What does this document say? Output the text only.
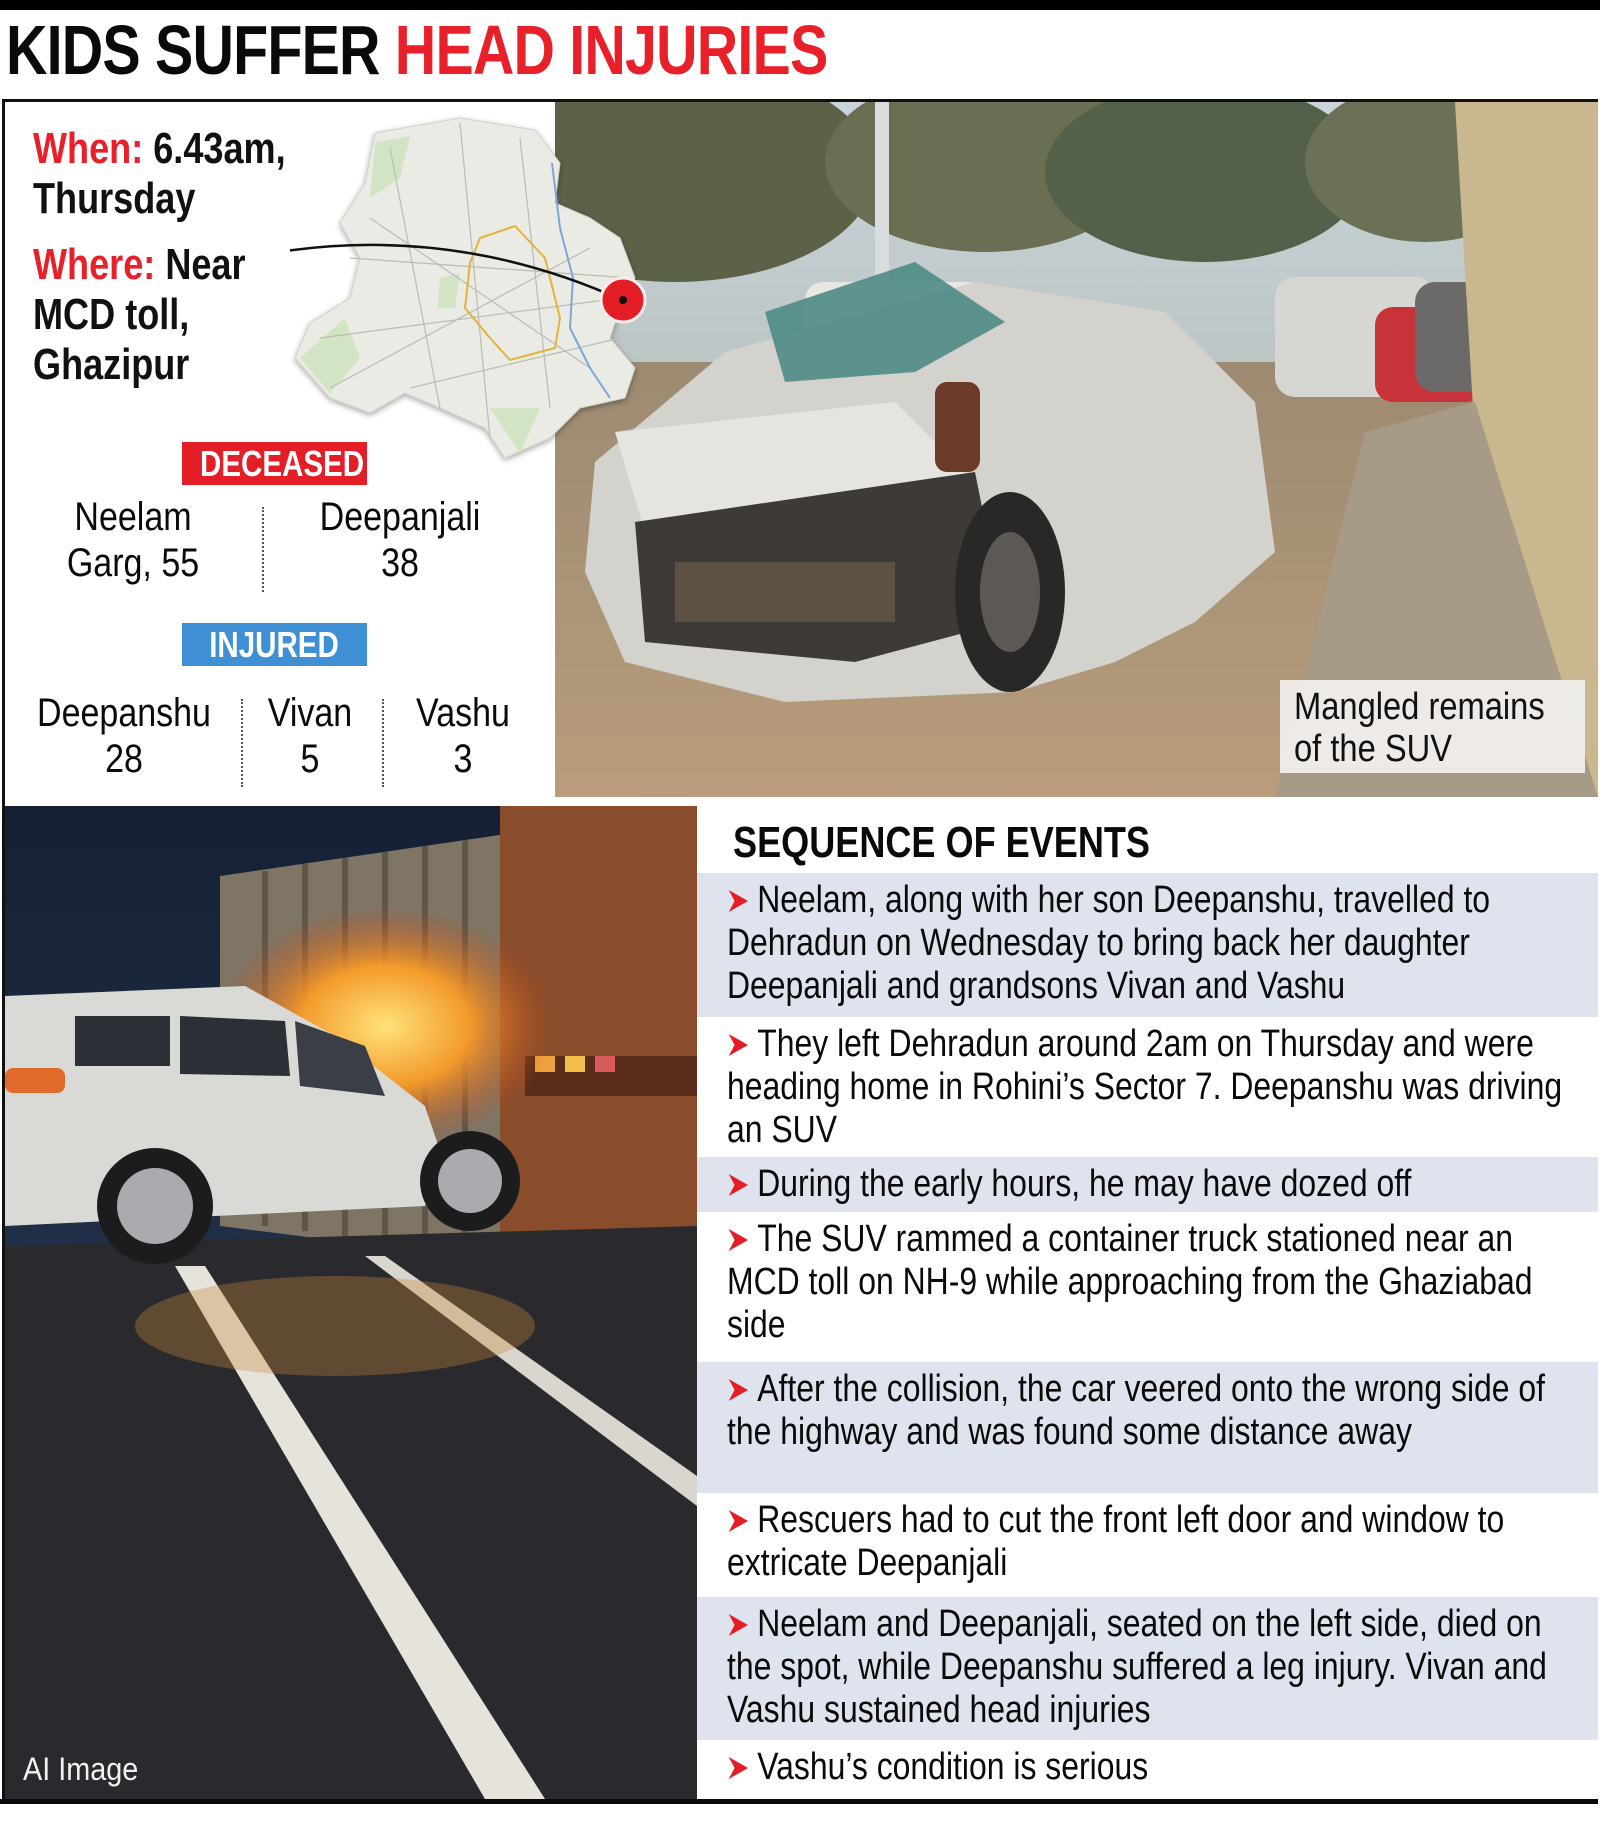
KIDS SUFFER HEAD INJURIES
Mangled remains
of the SUV
When: 6.43am,
Thursday
Where: Near
MCD toll,
Ghazipur
DECEASED
Neelam
Garg, 55
Deepanjali
38
INJURED
Deepanshu
28
Vivan
5
Vashu
3
AI Image
SEQUENCE OF EVENTS
Neelam, along with her son Deepanshu, travelled to Dehradun on Wednesday to bring back her daughter Deepanjali and grandsons Vivan and Vashu
They left Dehradun around 2am on Thursday and were heading home in Rohini’s Sector 7. Deepanshu was driving an SUV
During the early hours, he may have dozed off
The SUV rammed a container truck stationed near an MCD toll on NH-9 while approaching from the Ghaziabad side
After the collision, the car veered onto the wrong side of the highway and was found some distance away
Rescuers had to cut the front left door and window to extricate Deepanjali
Neelam and Deepanjali, seated on the left side, died on the spot, while Deepanshu suffered a leg injury. Vivan and Vashu sustained head injuries
Vashu’s condition is serious
